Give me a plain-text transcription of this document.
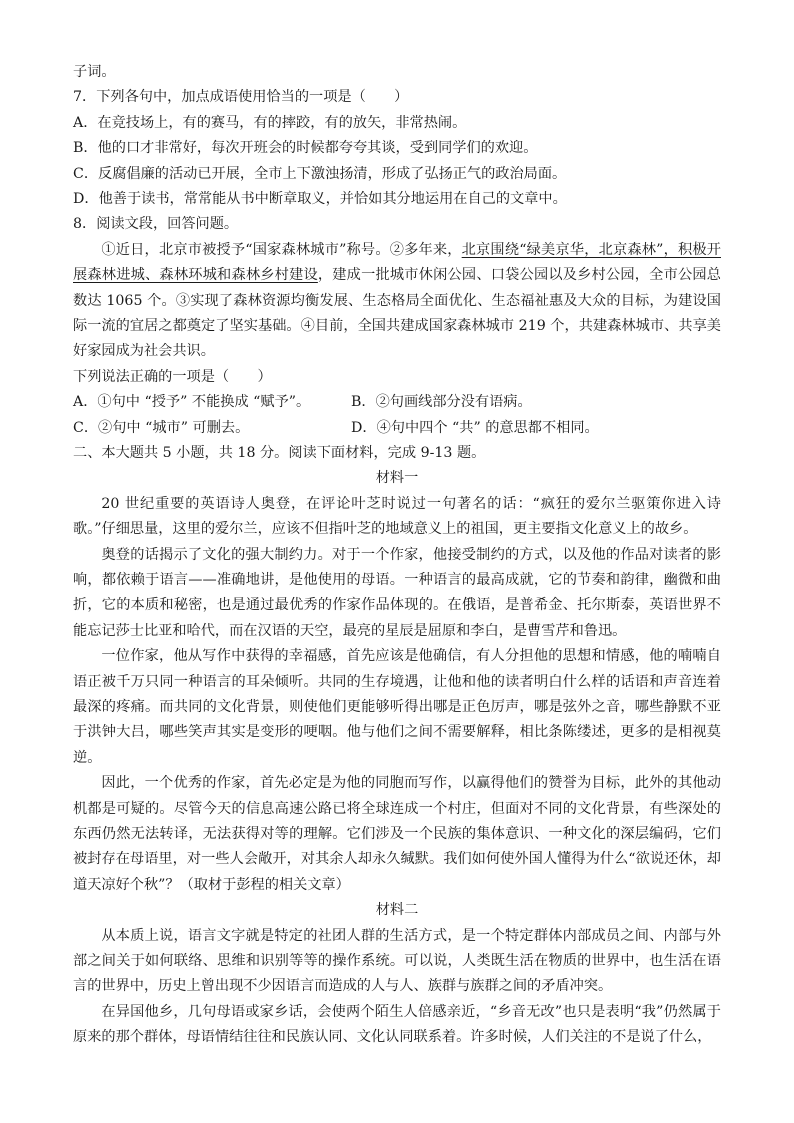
子词。
7．下列各句中，加点成语使用恰当的一项是（　　）
A．在竞技场上，有的赛马，有的摔跤，有的放矢，非常热闹。
B．他的口才非常好，每次开班会的时候都夸夸其谈，受到同学们的欢迎。
C．反腐倡廉的活动已开展，全市上下激浊扬清，形成了弘扬正气的政治局面。
D．他善于读书，常常能从书中断章取义，并恰如其分地运用在自己的文章中。
8．阅读文段，回答问题。
①近日，北京市被授予“国家森林城市”称号。②多年来，北京围绕“绿美京华，北京森林”，积极开展森林进城、森林环城和森林乡村建设，建成一批城市休闲公园、口袋公园以及乡村公园，全市公园总数达 1065 个。③实现了森林资源均衡发展、生态格局全面优化、生态福祉惠及大众的目标，为建设国际一流的宜居之都奠定了坚实基础。④目前，全国共建成国家森林城市 219 个，共建森林城市、共享美好家园成为社会共识。
下列说法正确的一项是（　　）
A．①句中 “授予” 不能换成 “赋予”。	B．②句画线部分没有语病。
C．②句中 “城市” 可删去。	D．④句中四个 “共” 的意思都不相同。
二、本大题共 5 小题，共 18 分。阅读下面材料，完成 9-13 题。
材料一
20 世纪重要的英语诗人奥登，在评论叶芝时说过一句著名的话：“疯狂的爱尔兰驱策你进入诗歌。”仔细思量，这里的爱尔兰，应该不但指叶芝的地域意义上的祖国，更主要指文化意义上的故乡。
奥登的话揭示了文化的强大制约力。对于一个作家，他接受制约的方式，以及他的作品对读者的影响，都依赖于语言——准确地讲，是他使用的母语。一种语言的最高成就，它的节奏和韵律，幽微和曲折，它的本质和秘密，也是通过最优秀的作家作品体现的。在俄语，是普希金、托尔斯泰，英语世界不能忘记莎士比亚和哈代，而在汉语的天空，最亮的星辰是屈原和李白，是曹雪芹和鲁迅。
一位作家，他从写作中获得的幸福感，首先应该是他确信，有人分担他的思想和情感，他的喃喃自语正被千万只同一种语言的耳朵倾听。共同的生存境遇，让他和他的读者明白什么样的话语和声音连着最深的疼痛。而共同的文化背景，则使他们更能够听得出哪是正色厉声，哪是弦外之音，哪些静默不亚于洪钟大吕，哪些笑声其实是变形的哽咽。他与他们之间不需要解释，相比条陈缕述，更多的是相视莫逆。
因此，一个优秀的作家，首先必定是为他的同胞而写作，以赢得他们的赞誉为目标，此外的其他动机都是可疑的。尽管今天的信息高速公路已将全球连成一个村庄，但面对不同的文化背景，有些深处的东西仍然无法转译，无法获得对等的理解。它们涉及一个民族的集体意识、一种文化的深层编码，它们被封存在母语里，对一些人会敞开，对其余人却永久缄默。我们如何使外国人懂得为什么“欲说还休，却道天凉好个秋”？（取材于彭程的相关文章）
材料二
从本质上说，语言文字就是特定的社团人群的生活方式，是一个特定群体内部成员之间、内部与外部之间关于如何联络、思维和识别等等的操作系统。可以说，人类既生活在物质的世界中，也生活在语言的世界中，历史上曾出现不少因语言而造成的人与人、族群与族群之间的矛盾冲突。
在异国他乡，几句母语或家乡话，会使两个陌生人倍感亲近，“乡音无改”也只是表明“我”仍然属于原来的那个群体，母语情结往往和民族认同、文化认同联系着。许多时候，人们关注的不是说了什么，
